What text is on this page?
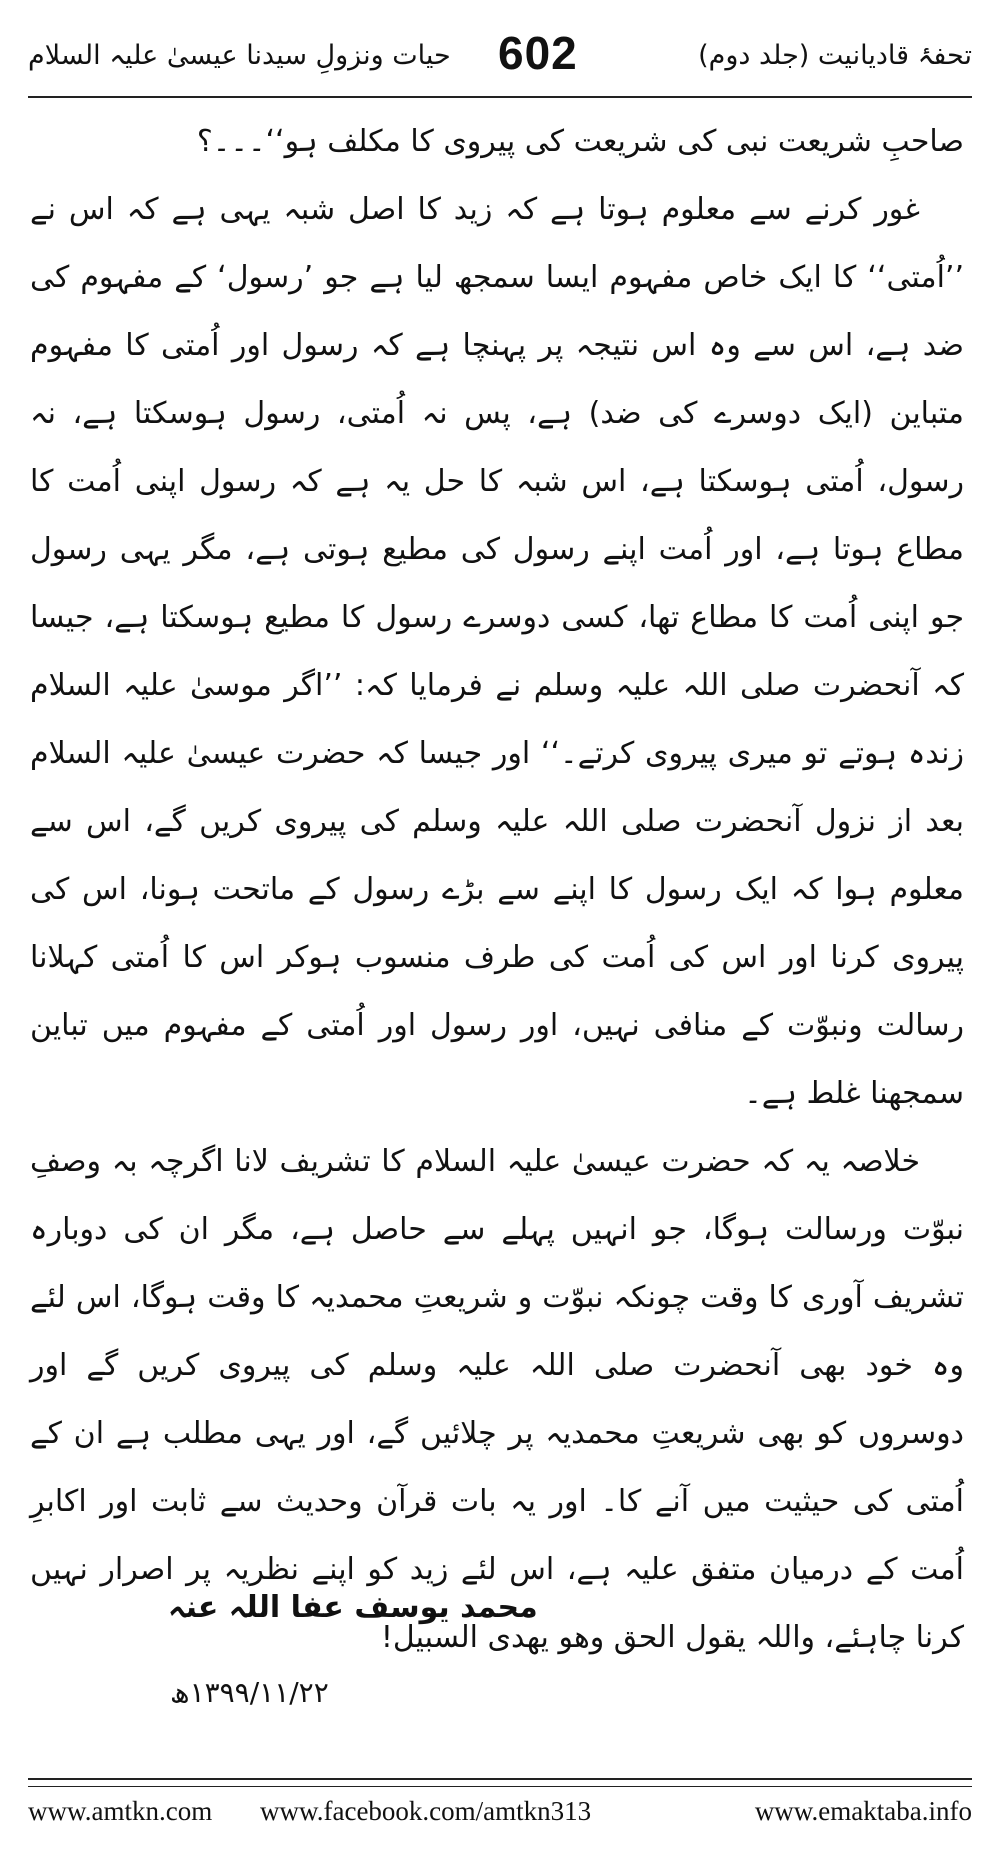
حیات ونزولِ سیدنا عیسیٰ علیہ السلام 602	تحفۂ قادیانیت (جلد دوم)

صاحبِ شریعت نبی کی شریعت کی پیروی کا مکلف ہو‘‘۔۔۔؟

غور کرنے سے معلوم ہوتا ہے کہ زید کا اصل شبہ یہی ہے کہ اس نے ’’اُمتی‘‘ کا ایک خاص مفہوم ایسا سمجھ لیا ہے جو ’رسول‘ کے مفہوم کی ضد ہے، اس سے وہ اس نتیجہ پر پہنچا ہے کہ رسول اور اُمتی کا مفہوم متباین (ایک دوسرے کی ضد) ہے، پس نہ اُمتی، رسول ہوسکتا ہے، نہ رسول، اُمتی ہوسکتا ہے، اس شبہ کا حل یہ ہے کہ رسول اپنی اُمت کا مطاع ہوتا ہے، اور اُمت اپنے رسول کی مطیع ہوتی ہے، مگر یہی رسول جو اپنی اُمت کا مطاع تھا، کسی دوسرے رسول کا مطیع ہوسکتا ہے، جیسا کہ آنحضرت صلی اللہ علیہ وسلم نے فرمایا کہ: ’’اگر موسیٰ علیہ السلام زندہ ہوتے تو میری پیروی کرتے۔‘‘ اور جیسا کہ حضرت عیسیٰ علیہ السلام بعد از نزول آنحضرت صلی اللہ علیہ وسلم کی پیروی کریں گے، اس سے معلوم ہوا کہ ایک رسول کا اپنے سے بڑے رسول کے ماتحت ہونا، اس کی پیروی کرنا اور اس کی اُمت کی طرف منسوب ہوکر اس کا اُمتی کہلانا رسالت ونبوّت کے منافی نہیں، اور رسول اور اُمتی کے مفہوم میں تباین سمجھنا غلط ہے۔

خلاصہ یہ کہ حضرت عیسیٰ علیہ السلام کا تشریف لانا اگرچہ بہ وصفِ نبوّت ورسالت ہوگا، جو انہیں پہلے سے حاصل ہے، مگر ان کی دوبارہ تشریف آوری کا وقت چونکہ نبوّت و شریعتِ محمدیہ کا وقت ہوگا، اس لئے وہ خود بھی آنحضرت صلی اللہ علیہ وسلم کی پیروی کریں گے اور دوسروں کو بھی شریعتِ محمدیہ پر چلائیں گے، اور یہی مطلب ہے ان کے اُمتی کی حیثیت میں آنے کا۔ اور یہ بات قرآن وحدیث سے ثابت اور اکابرِ اُمت کے درمیان متفق علیہ ہے، اس لئے زید کو اپنے نظریہ پر اصرار نہیں کرنا چاہئے، واللہ یقول الحق وھو یھدی السبیل!

محمد یوسف عفا اللہ عنہ
۱۳۹۹/۱۱/۲۲ھ
www.amtkn.com www.facebook.com/amtkn313	www.emaktaba.info
